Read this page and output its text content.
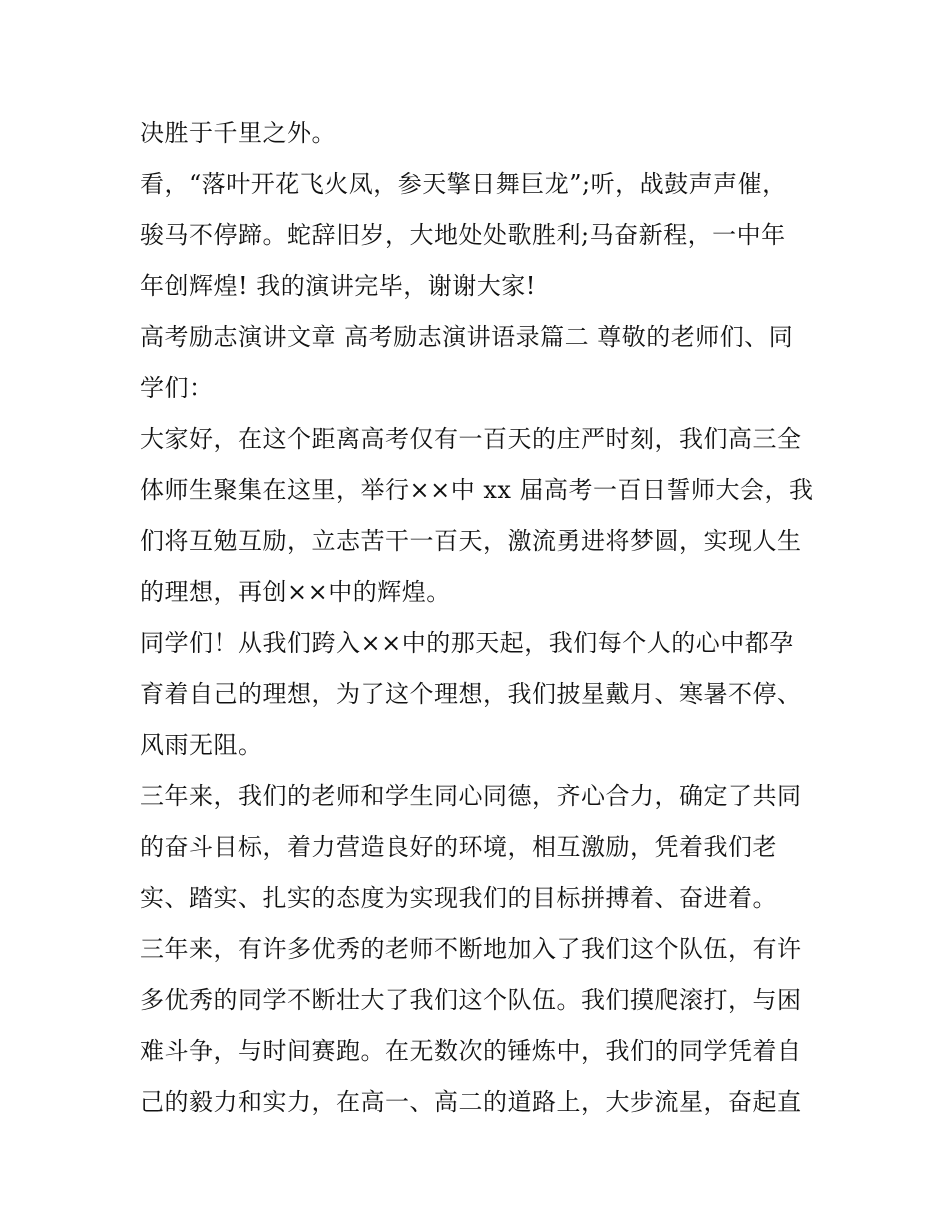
决胜于千里之外。
看，“落叶开花飞火凤，参天擎日舞巨龙”;听，战鼓声声催，
骏马不停蹄。蛇辞旧岁，大地处处歌胜利;马奋新程，一中年
年创辉煌! 我的演讲完毕，谢谢大家!
高考励志演讲文章 高考励志演讲语录篇二 尊敬的老师们、同
学们：
大家好，在这个距离高考仅有一百天的庄严时刻，我们高三全
体师生聚集在这里，举行××中 xx 届高考一百日誓师大会，我
们将互勉互励，立志苦干一百天，激流勇进将梦圆，实现人生
的理想，再创××中的辉煌。
同学们！从我们跨入××中的那天起，我们每个人的心中都孕
育着自己的理想，为了这个理想，我们披星戴月、寒暑不停、
风雨无阻。
三年来，我们的老师和学生同心同德，齐心合力，确定了共同
的奋斗目标，着力营造良好的环境，相互激励，凭着我们老
实、踏实、扎实的态度为实现我们的目标拼搏着、奋进着。
三年来，有许多优秀的老师不断地加入了我们这个队伍，有许
多优秀的同学不断壮大了我们这个队伍。我们摸爬滚打，与困
难斗争，与时间赛跑。在无数次的锤炼中，我们的同学凭着自
己的毅力和实力，在高一、高二的道路上，大步流星，奋起直
